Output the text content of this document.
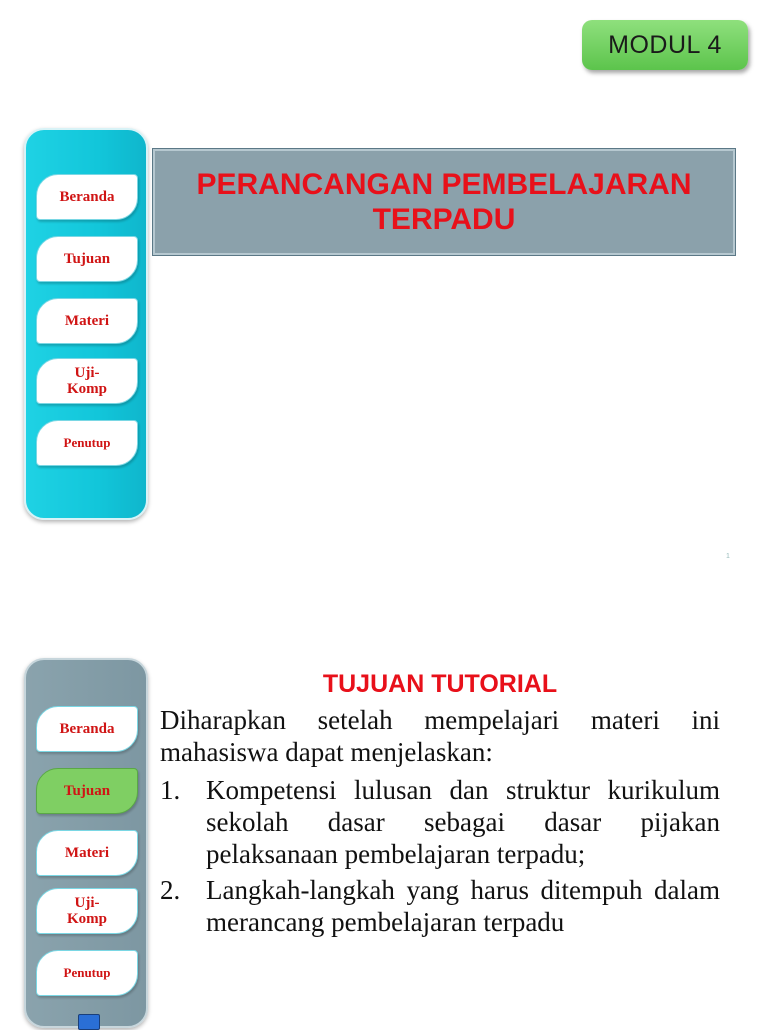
MODUL 4
Beranda
Tujuan
Materi
Uji-
Komp
Penutup
PERANCANGAN PEMBELAJARAN
TERPADU
1
Beranda
Tujuan
Materi
Uji-
Komp
Penutup
TUJUAN TUTORIAL

Diharapkan setelah mempelajari materi ini mahasiswa dapat menjelaskan:

1. Kompetensi lulusan dan struktur kurikulum sekolah dasar sebagai dasar pijakan pelaksanaan pembelajaran terpadu;
2. Langkah-langkah yang harus ditempuh dalam merancang pembelajaran terpadu
